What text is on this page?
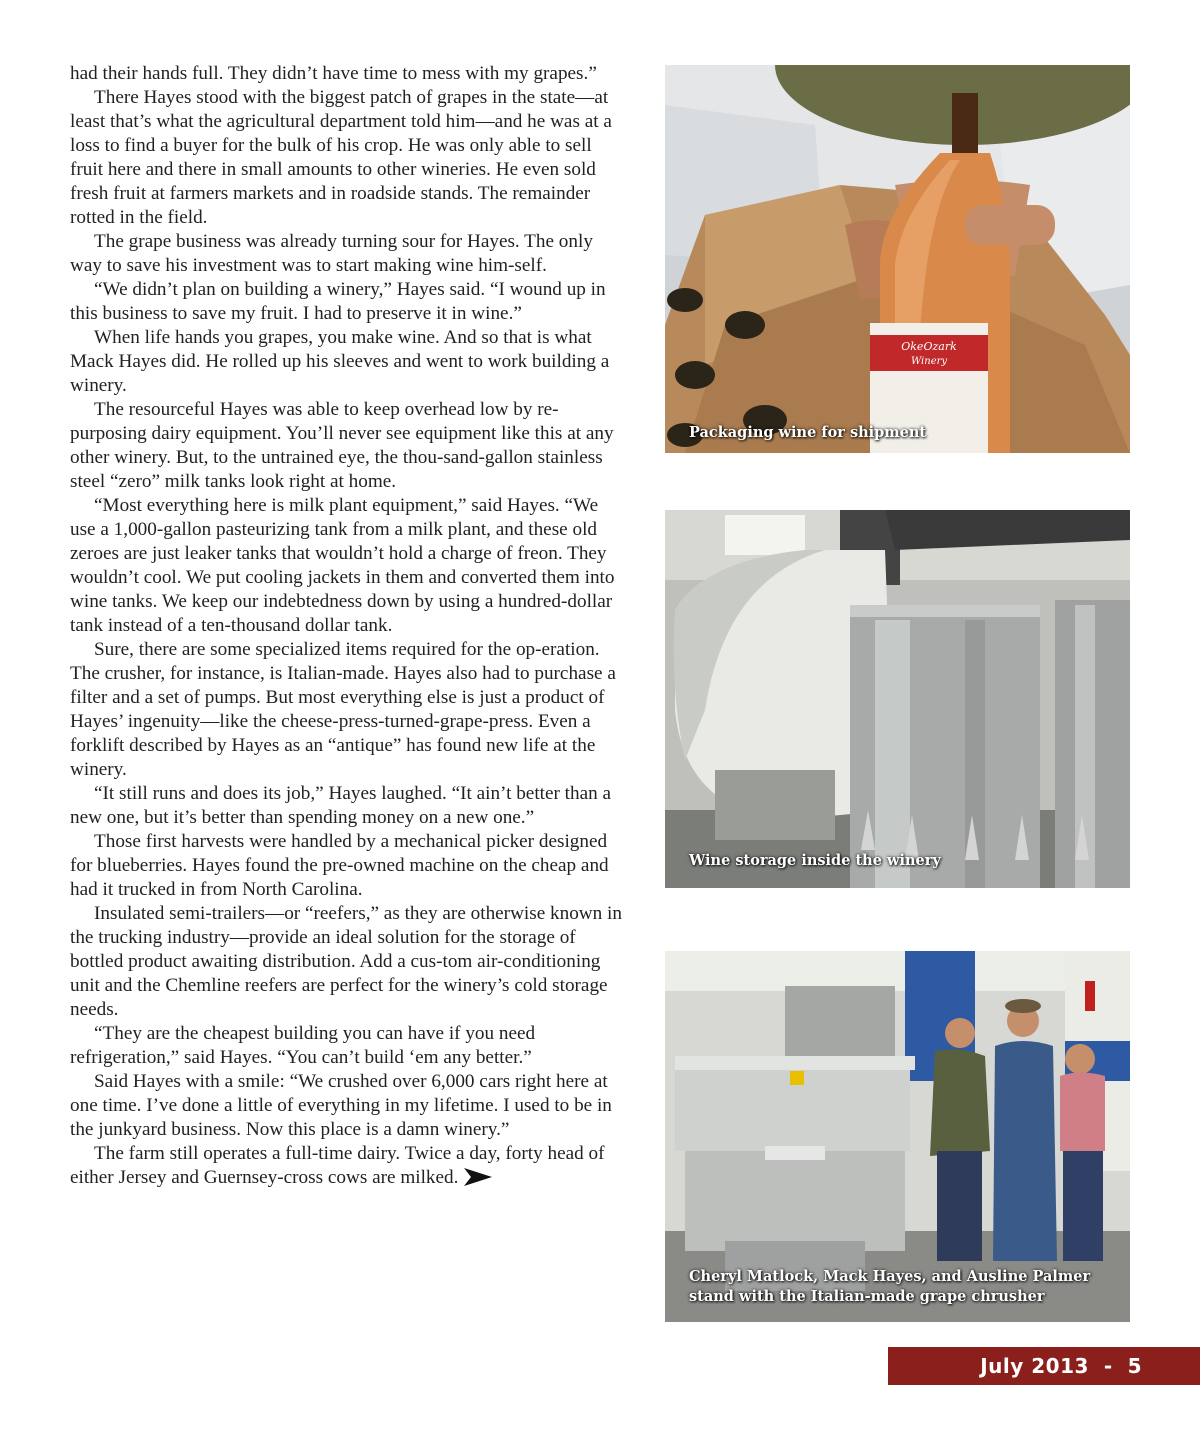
had their hands full. They didn’t have time to mess with my grapes.”

There Hayes stood with the biggest patch of grapes in the state—at least that’s what the agricultural department told him—and he was at a loss to find a buyer for the bulk of his crop. He was only able to sell fruit here and there in small amounts to other wineries. He even sold fresh fruit at farmers markets and in roadside stands. The remainder rotted in the field.

The grape business was already turning sour for Hayes. The only way to save his investment was to start making wine him-self.

“We didn’t plan on building a winery,” Hayes said. “I wound up in this business to save my fruit. I had to preserve it in wine.”

When life hands you grapes, you make wine. And so that is what Mack Hayes did. He rolled up his sleeves and went to work building a winery.

The resourceful Hayes was able to keep overhead low by re-purposing dairy equipment. You’ll never see equipment like this at any other winery. But, to the untrained eye, the thou-sand-gallon stainless steel “zero” milk tanks look right at home.

“Most everything here is milk plant equipment,” said Hayes. “We use a 1,000-gallon pasteurizing tank from a milk plant, and these old zeroes are just leaker tanks that wouldn’t hold a charge of freon. They wouldn’t cool. We put cooling jackets in them and converted them into wine tanks. We keep our indebtedness down by using a hundred-dollar tank instead of a ten-thousand dollar tank.

Sure, there are some specialized items required for the op-eration. The crusher, for instance, is Italian-made. Hayes also had to purchase a filter and a set of pumps. But most everything else is just a product of Hayes’ ingenuity—like the cheese-press-turned-grape-press. Even a forklift described by Hayes as an “antique” has found new life at the winery.

“It still runs and does its job,” Hayes laughed. “It ain’t better than a new one, but it’s better than spending money on a new one.”

Those first harvests were handled by a mechanical picker designed for blueberries. Hayes found the pre-owned machine on the cheap and had it trucked in from North Carolina.

Insulated semi-trailers—or “reefers,” as they are otherwise known in the trucking industry—provide an ideal solution for the storage of bottled product awaiting distribution. Add a cus-tom air-conditioning unit and the Chemline reefers are perfect for the winery’s cold storage needs.

“They are the cheapest building you can have if you need refrigeration,” said Hayes. “You can’t build ‘em any better.”

Said Hayes with a smile: “We crushed over 6,000 cars right here at one time. I’ve done a little of everything in my lifetime. I used to be in the junkyard business. Now this place is a damn winery.”

The farm still operates a full-time dairy. Twice a day, forty head of either Jersey and Guernsey-cross cows are milked.

OkeOzark
Winery
Packaging wine for shipment
Wine storage inside the winery
Cheryl Matlock, Mack Hayes, and Ausline Palmer
stand with the Italian-made grape chrusher
July 2013  -  5
